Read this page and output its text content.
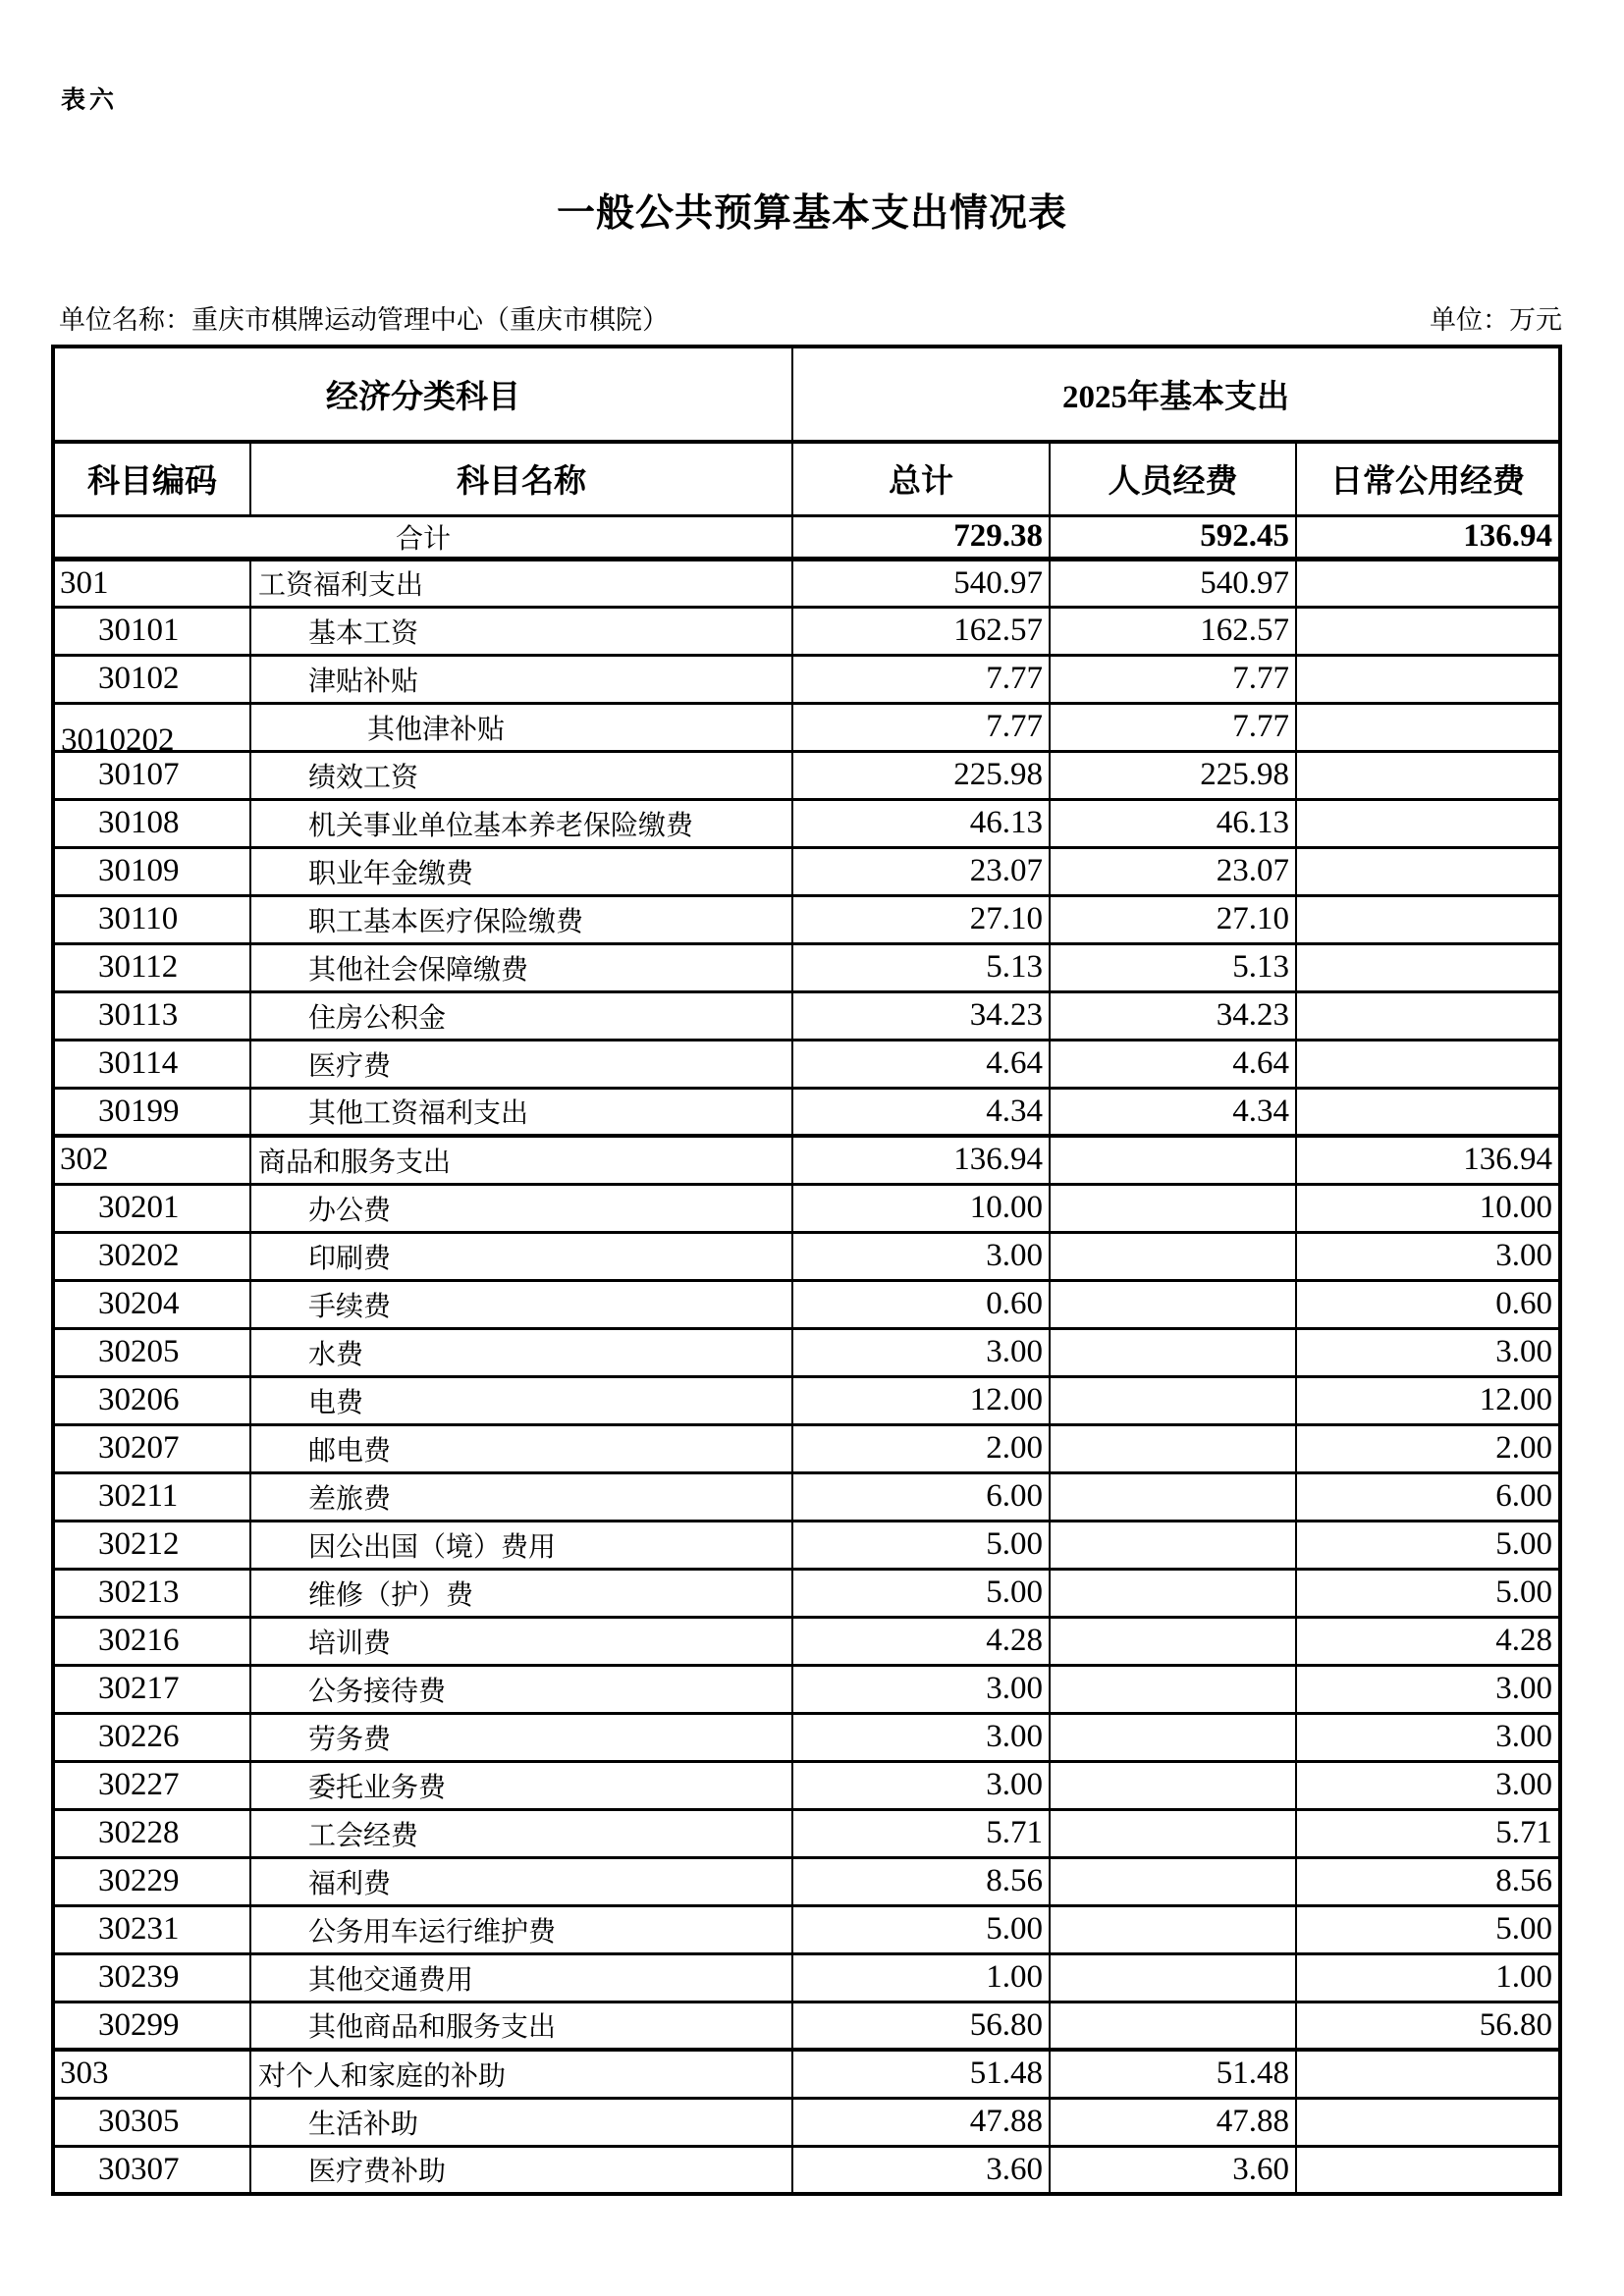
表六
一般公共预算基本支出情况表
单位名称：重庆市棋牌运动管理中心（重庆市棋院）	单位：万元
经济分类科目		2025年基本支出		
科目编码	科目名称	总计	人员经费	日常公用经费
合计		729.38	592.45	136.94
301	工资福利支出	540.97	540.97	
30101	基本工资	162.57	162.57	
30102	津贴补贴	7.77	7.77	
3010202	其他津补贴	7.77	7.77	
30107	绩效工资	225.98	225.98	
30108	机关事业单位基本养老保险缴费	46.13	46.13	
30109	职业年金缴费	23.07	23.07	
30110	职工基本医疗保险缴费	27.10	27.10	
30112	其他社会保障缴费	5.13	5.13	
30113	住房公积金	34.23	34.23	
30114	医疗费	4.64	4.64	
30199	其他工资福利支出	4.34	4.34	
302	商品和服务支出	136.94		136.94
30201	办公费	10.00		10.00
30202	印刷费	3.00		3.00
30204	手续费	0.60		0.60
30205	水费	3.00		3.00
30206	电费	12.00		12.00
30207	邮电费	2.00		2.00
30211	差旅费	6.00		6.00
30212	因公出国（境）费用	5.00		5.00
30213	维修（护）费	5.00		5.00
30216	培训费	4.28		4.28
30217	公务接待费	3.00		3.00
30226	劳务费	3.00		3.00
30227	委托业务费	3.00		3.00
30228	工会经费	5.71		5.71
30229	福利费	8.56		8.56
30231	公务用车运行维护费	5.00		5.00
30239	其他交通费用	1.00		1.00
30299	其他商品和服务支出	56.80		56.80
303	对个人和家庭的补助	51.48	51.48	
30305	生活补助	47.88	47.88	
30307	医疗费补助	3.60	3.60	
